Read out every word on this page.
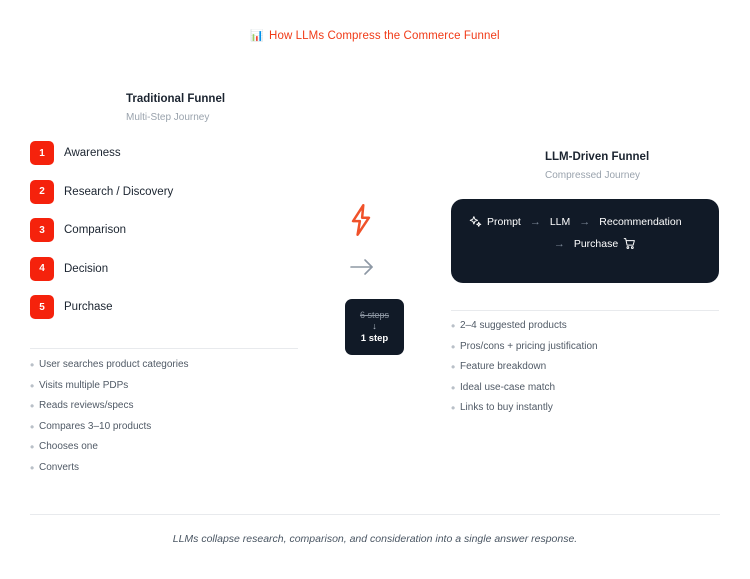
📊 How LLMs Compress the Commerce Funnel
Traditional Funnel
Multi-Step Journey
1	Awareness
2	Research / Discovery
3	Comparison
4	Decision
5	Purchase
• User searches product categories
• Visits multiple PDPs
• Reads reviews/specs
• Compares 3–10 products
• Chooses one
• Converts
6 steps
↓
1 step
LLM-Driven Funnel
Compressed Journey
Prompt → LLM → Recommendation
→ Purchase
• 2–4 suggested products
• Pros/cons + pricing justification
• Feature breakdown
• Ideal use-case match
• Links to buy instantly
LLMs collapse research, comparison, and consideration into a single answer response.
